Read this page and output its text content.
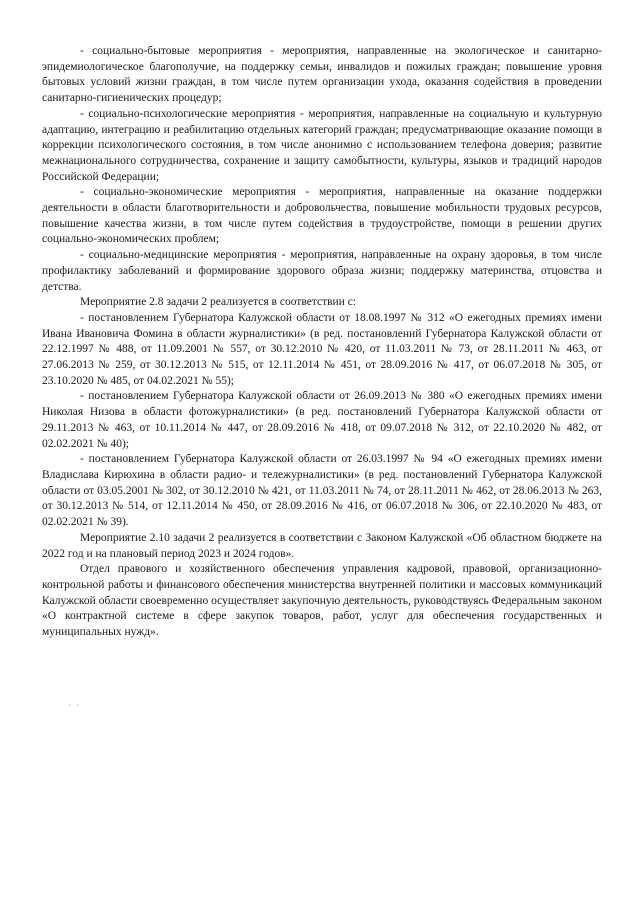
- социально-бытовые мероприятия - мероприятия, направленные на экологическое и санитарно-эпидемиологическое благополучие, на поддержку семьи, инвалидов и пожилых граждан; повышение уровня бытовых условий жизни граждан, в том числе путем организации ухода, оказания содействия в проведении санитарно-гигиенических процедур;

- социально-психологические мероприятия - мероприятия, направленные на социальную и культурную адаптацию, интеграцию и реабилитацию отдельных категорий граждан; предусматривающие оказание помощи в коррекции психологического состояния, в том числе анонимно с использованием телефона доверия; развитие межнационального сотрудничества, сохранение и защиту самобытности, культуры, языков и традиций народов Российской Федерации;

- социально-экономические мероприятия - мероприятия, направленные на оказание поддержки деятельности в области благотворительности и добровольчества, повышение мобильности трудовых ресурсов, повышение качества жизни, в том числе путем содействия в трудоустройстве, помощи в решении других социально-экономических проблем;

- социально-медицинские мероприятия - мероприятия, направленные на охрану здоровья, в том числе профилактику заболеваний и формирование здорового образа жизни; поддержку материнства, отцовства и детства.

Мероприятие 2.8 задачи 2 реализуется в соответствии с:

- постановлением Губернатора Калужской области от 18.08.1997 № 312 «О ежегодных премиях имени Ивана Ивановича Фомина в области журналистики» (в ред. постановлений Губернатора Калужской области от 22.12.1997 № 488, от 11.09.2001 № 557, от 30.12.2010 № 420, от 11.03.2011 № 73, от 28.11.2011 № 463, от 27.06.2013 № 259, от 30.12.2013 № 515, от 12.11.2014 № 451, от 28.09.2016 № 417, от 06.07.2018 № 305, от 23.10.2020 № 485, от 04.02.2021 № 55);

- постановлением Губернатора Калужской области от 26.09.2013 № 380 «О ежегодных премиях имени Николая Низова в области фотожурналистики» (в ред. постановлений Губернатора Калужской области от 29.11.2013 № 463, от 10.11.2014 № 447, от 28.09.2016 № 418, от 09.07.2018 № 312, от 22.10.2020 № 482, от 02.02.2021 № 40);

- постановлением Губернатора Калужской области от 26.03.1997 № 94 «О ежегодных премиях имени Владислава Кирюхина в области радио- и тележурналистики» (в ред. постановлений Губернатора Калужской области от 03.05.2001 № 302, от 30.12.2010 № 421, от 11.03.2011 № 74, от 28.11.2011 № 462, от 28.06.2013 № 263, от 30.12.2013 № 514, от 12.11.2014 № 450, от 28.09.2016 № 416, от 06.07.2018 № 306, от 22.10.2020 № 483, от 02.02.2021 № 39).

Мероприятие 2.10 задачи 2 реализуется в соответствии с Законом Калужской «Об областном бюджете на 2022 год и на плановый период 2023 и 2024 годов».

Отдел правового и хозяйственного обеспечения управления кадровой, правовой, организационно-контрольной работы и финансового обеспечения министерства внутренней политики и массовых коммуникаций Калужской области своевременно осуществляет закупочную деятельность, руководствуясь Федеральным законом «О контрактной системе в сфере закупок товаров, работ, услуг для обеспечения государственных и муниципальных нужд».

· ·
